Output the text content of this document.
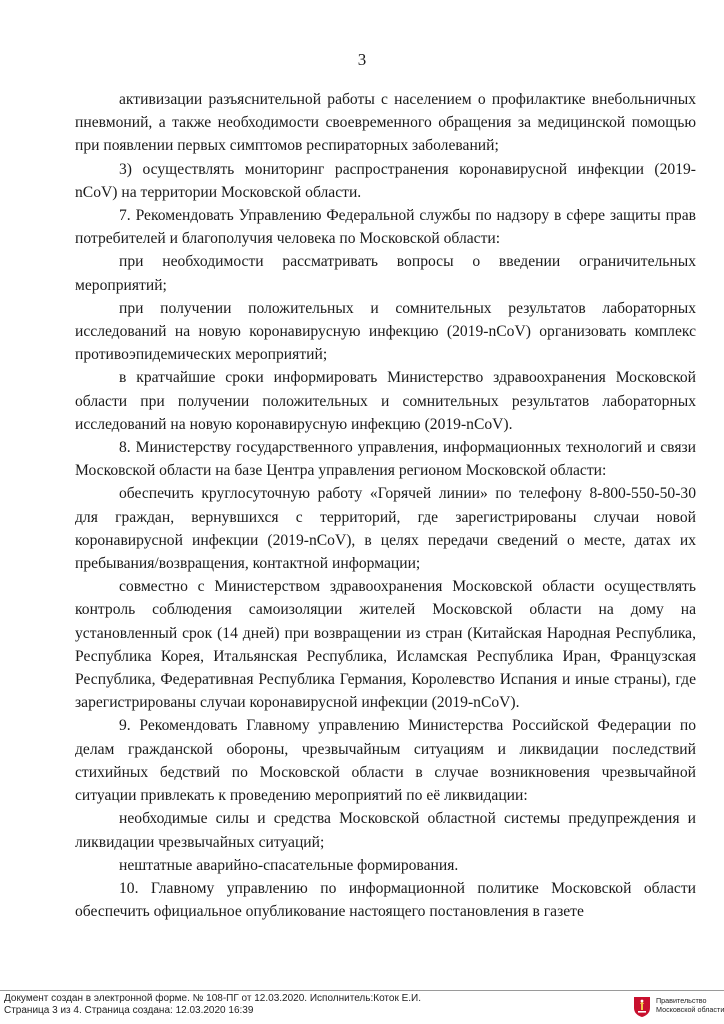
3

активизации разъяснительной работы с населением о профилактике внебольничных пневмоний, а также необходимости своевременного обращения за медицинской помощью при появлении первых симптомов респираторных заболеваний;

3) осуществлять мониторинг распространения коронавирусной инфекции (2019-nCoV) на территории Московской области.

7. Рекомендовать Управлению Федеральной службы по надзору в сфере защиты прав потребителей и благополучия человека по Московской области:

при необходимости рассматривать вопросы о введении ограничительных мероприятий;

при получении положительных и сомнительных результатов лабораторных исследований на новую коронавирусную инфекцию (2019-nCoV) организовать комплекс противоэпидемических мероприятий;

в кратчайшие сроки информировать Министерство здравоохранения Московской области при получении положительных и сомнительных результатов лабораторных исследований на новую коронавирусную инфекцию (2019-nCoV).

8. Министерству государственного управления, информационных технологий и связи Московской области на базе Центра управления регионом Московской области:

обеспечить круглосуточную работу «Горячей линии» по телефону 8-800-550-50-30 для граждан, вернувшихся с территорий, где зарегистрированы случаи новой коронавирусной инфекции (2019-nCoV), в целях передачи сведений о месте, датах их пребывания/возвращения, контактной информации;

совместно с Министерством здравоохранения Московской области осуществлять контроль соблюдения самоизоляции жителей Московской области на дому на установленный срок (14 дней) при возвращении из стран (Китайская Народная Республика, Республика Корея, Итальянская Республика, Исламская Республика Иран, Французская Республика, Федеративная Республика Германия, Королевство Испания и иные страны), где зарегистрированы случаи коронавирусной инфекции (2019-nCoV).

9. Рекомендовать Главному управлению Министерства Российской Федерации по делам гражданской обороны, чрезвычайным ситуациям и ликвидации последствий стихийных бедствий по Московской области в случае возникновения чрезвычайной ситуации привлекать к проведению мероприятий по её ликвидации:

необходимые силы и средства Московской областной системы предупреждения и ликвидации чрезвычайных ситуаций;

нештатные аварийно-спасательные формирования.

10. Главному управлению по информационной политике Московской области обеспечить официальное опубликование настоящего постановления в газете

Документ создан в электронной форме. № 108-ПГ от 12.03.2020. Исполнитель:Коток Е.И.
Страница 3 из 4. Страница создана: 12.03.2020 16:39
Правительство
Московской области
